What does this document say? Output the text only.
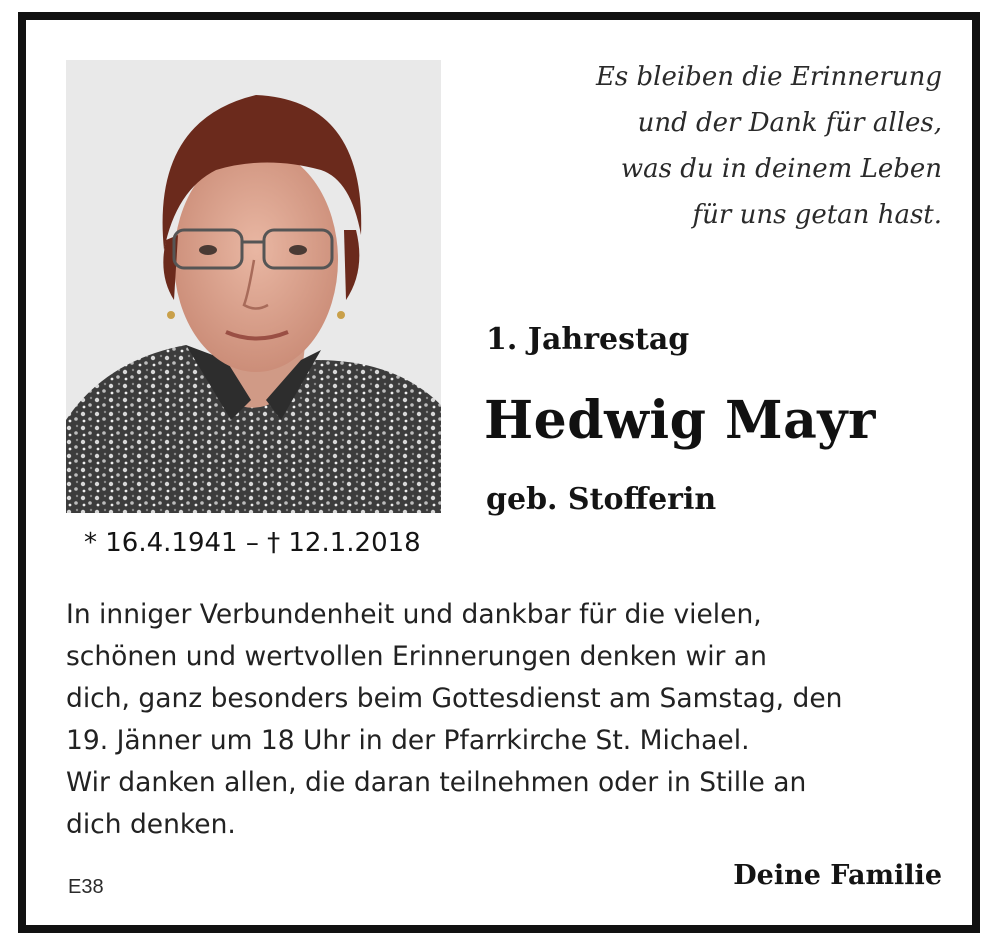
* 16.4.1941 – † 12.1.2018
Es bleiben die Erinnerung
und der Dank für alles,
was du in deinem Leben
für uns getan hast.
1. Jahrestag
Hedwig Mayr
geb. Stofferin
In inniger Verbundenheit und dankbar für die vielen,
schönen und wertvollen Erinnerungen denken wir an
dich, ganz besonders beim Gottesdienst am Samstag, den
19. Jänner um 18 Uhr in der Pfarrkirche St. Michael.
Wir danken allen, die daran teilnehmen oder in Stille an
dich denken.
E38	Deine Familie
